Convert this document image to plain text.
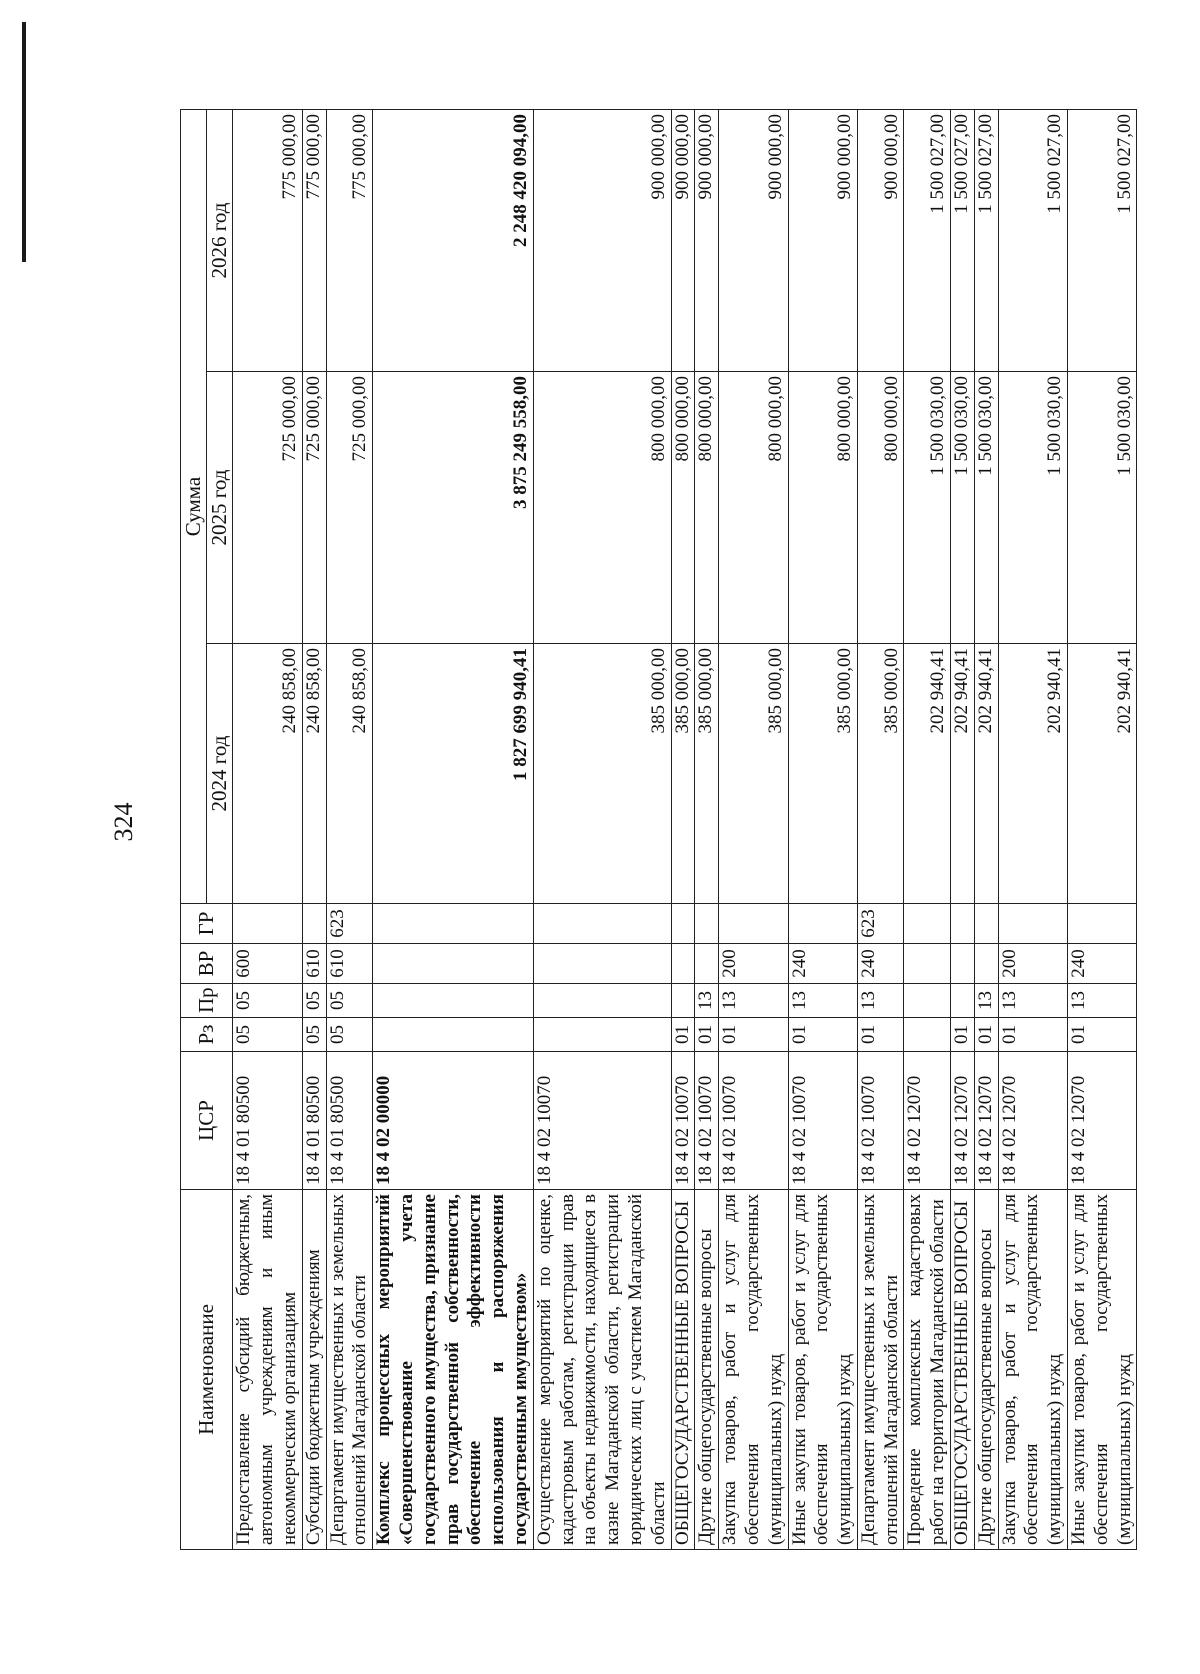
324
Наименование	ЦСР	Рз	Пр	ВР	ГР	Сумма		
						2024 год	2025 год	2026 год
Предоставление субсидий бюджетным, автономным учреждениям и иным некоммерческим организациям	18 4 01 80500	05	05	600		240 858,00	725 000,00	775 000,00
Субсидии бюджетным учреждениям	18 4 01 80500	05	05	610		240 858,00	725 000,00	775 000,00
Департамент имущественных и земельных отношений Магаданской области	18 4 01 80500	05	05	610	623	240 858,00	725 000,00	775 000,00
Комплекс процессных мероприятий «Совершенствование учета государственного имущества, признание прав государственной собственности, обеспечение эффективности использования и распоряжения государственным имуществом»	18 4 02 00000					1 827 699 940,41	3 875 249 558,00	2 248 420 094,00
Осуществление мероприятий по оценке, кадастровым работам, регистрации прав на объекты недвижимости, находящиеся в казне Магаданской области, регистрации юридических лиц с участием Магаданской области	18 4 02 10070					385 000,00	800 000,00	900 000,00
ОБЩЕГОСУДАРСТВЕННЫЕ ВОПРОСЫ	18 4 02 10070	01				385 000,00	800 000,00	900 000,00
Другие общегосударственные вопросы	18 4 02 10070	01	13			385 000,00	800 000,00	900 000,00
Закупка товаров, работ и услуг для обеспечения государственных (муниципальных) нужд	18 4 02 10070	01	13	200		385 000,00	800 000,00	900 000,00
Иные закупки товаров, работ и услуг для обеспечения государственных (муниципальных) нужд	18 4 02 10070	01	13	240		385 000,00	800 000,00	900 000,00
Департамент имущественных и земельных отношений Магаданской области	18 4 02 10070	01	13	240	623	385 000,00	800 000,00	900 000,00
Проведение комплексных кадастровых работ на территории Магаданской области	18 4 02 12070					202 940,41	1 500 030,00	1 500 027,00
ОБЩЕГОСУДАРСТВЕННЫЕ ВОПРОСЫ	18 4 02 12070	01				202 940,41	1 500 030,00	1 500 027,00
Другие общегосударственные вопросы	18 4 02 12070	01	13			202 940,41	1 500 030,00	1 500 027,00
Закупка товаров, работ и услуг для обеспечения государственных (муниципальных) нужд	18 4 02 12070	01	13	200		202 940,41	1 500 030,00	1 500 027,00
Иные закупки товаров, работ и услуг для обеспечения государственных (муниципальных) нужд	18 4 02 12070	01	13	240		202 940,41	1 500 030,00	1 500 027,00
